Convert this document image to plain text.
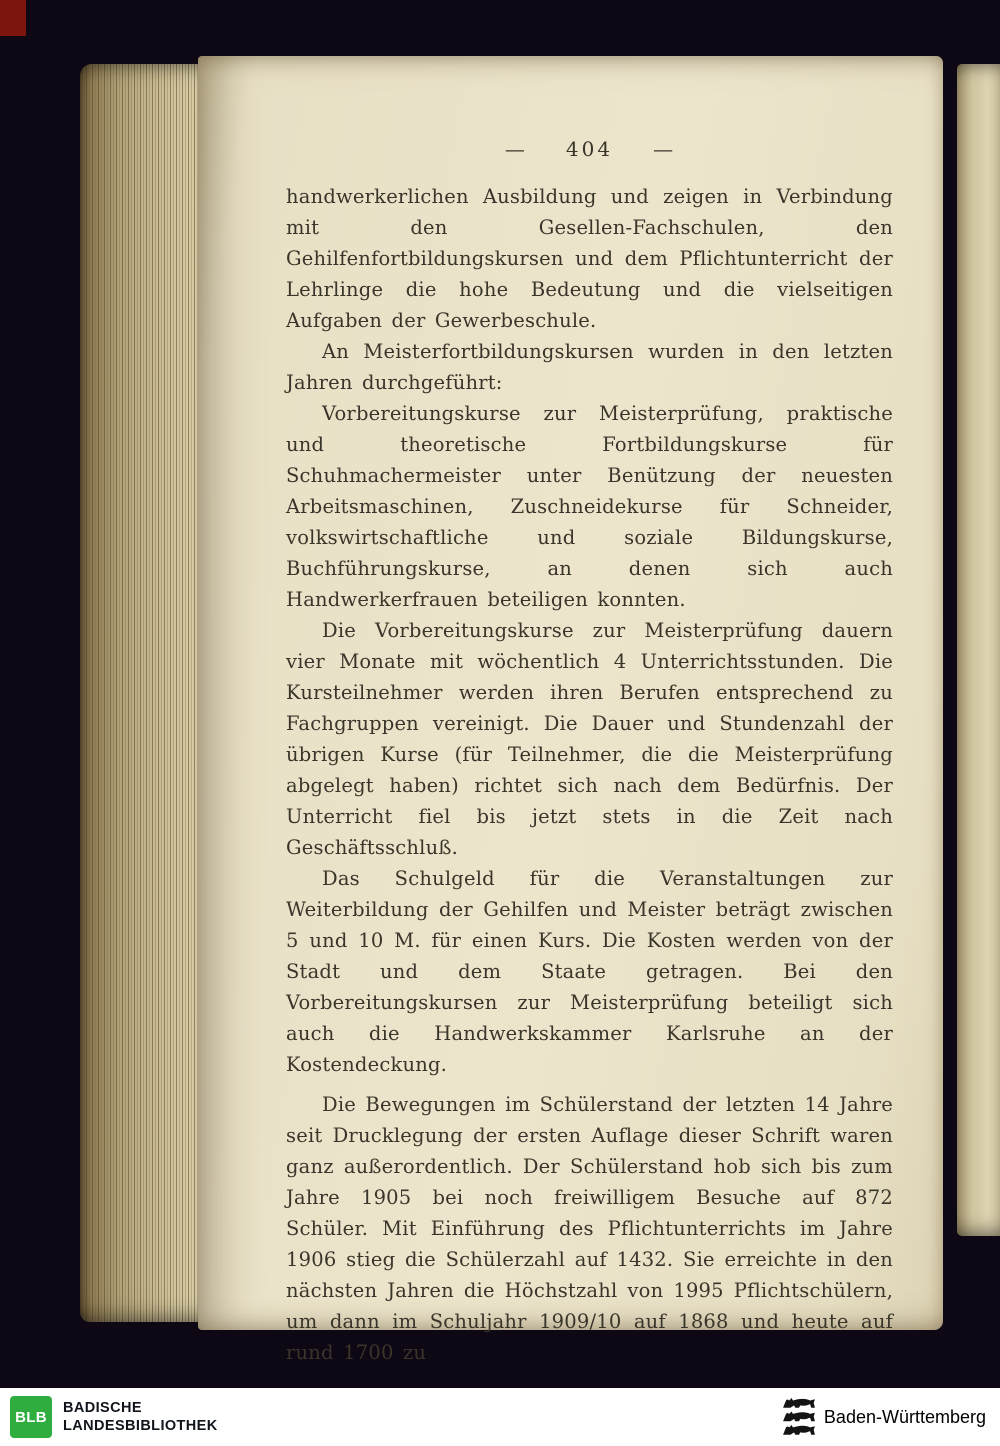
— 404 —

handwerkerlichen Ausbildung und zeigen in Verbindung mit den Gesellen-Fachschulen, den Gehilfenfortbildungskursen und dem Pflichtunterricht der Lehrlinge die hohe Bedeutung und die vielseitigen Aufgaben der Gewerbeschule.

An Meisterfortbildungskursen wurden in den letzten Jahren durchgeführt:

Vorbereitungskurse zur Meisterprüfung, praktische und theoretische Fortbildungskurse für Schuhmachermeister unter Benützung der neuesten Arbeitsmaschinen, Zuschneidekurse für Schneider, volkswirtschaftliche und soziale Bildungskurse, Buchführungskurse, an denen sich auch Handwerkerfrauen beteiligen konnten.

Die Vorbereitungskurse zur Meisterprüfung dauern vier Monate mit wöchentlich 4 Unterrichtsstunden. Die Kursteilnehmer werden ihren Berufen entsprechend zu Fachgruppen vereinigt. Die Dauer und Stundenzahl der übrigen Kurse (für Teilnehmer, die die Meisterprüfung abgelegt haben) richtet sich nach dem Bedürfnis. Der Unterricht fiel bis jetzt stets in die Zeit nach Geschäftsschluß.

Das Schulgeld für die Veranstaltungen zur Weiterbildung der Gehilfen und Meister beträgt zwischen 5 und 10 M. für einen Kurs. Die Kosten werden von der Stadt und dem Staate getragen. Bei den Vorbereitungskursen zur Meisterprüfung beteiligt sich auch die Handwerkskammer Karlsruhe an der Kostendeckung.

Die Bewegungen im Schülerstand der letzten 14 Jahre seit Drucklegung der ersten Auflage dieser Schrift waren ganz außerordentlich. Der Schülerstand hob sich bis zum Jahre 1905 bei noch freiwilligem Besuche auf 872 Schüler. Mit Einführung des Pflichtunterrichts im Jahre 1906 stieg die Schülerzahl auf 1432. Sie erreichte in den nächsten Jahren die Höchstzahl von 1995 Pflichtschülern, um dann im Schuljahr 1909/10 auf 1868 und heute auf rund 1700 zu

BLB
BADISCHE
LANDESBIBLIOTHEK	Baden-Württemberg
